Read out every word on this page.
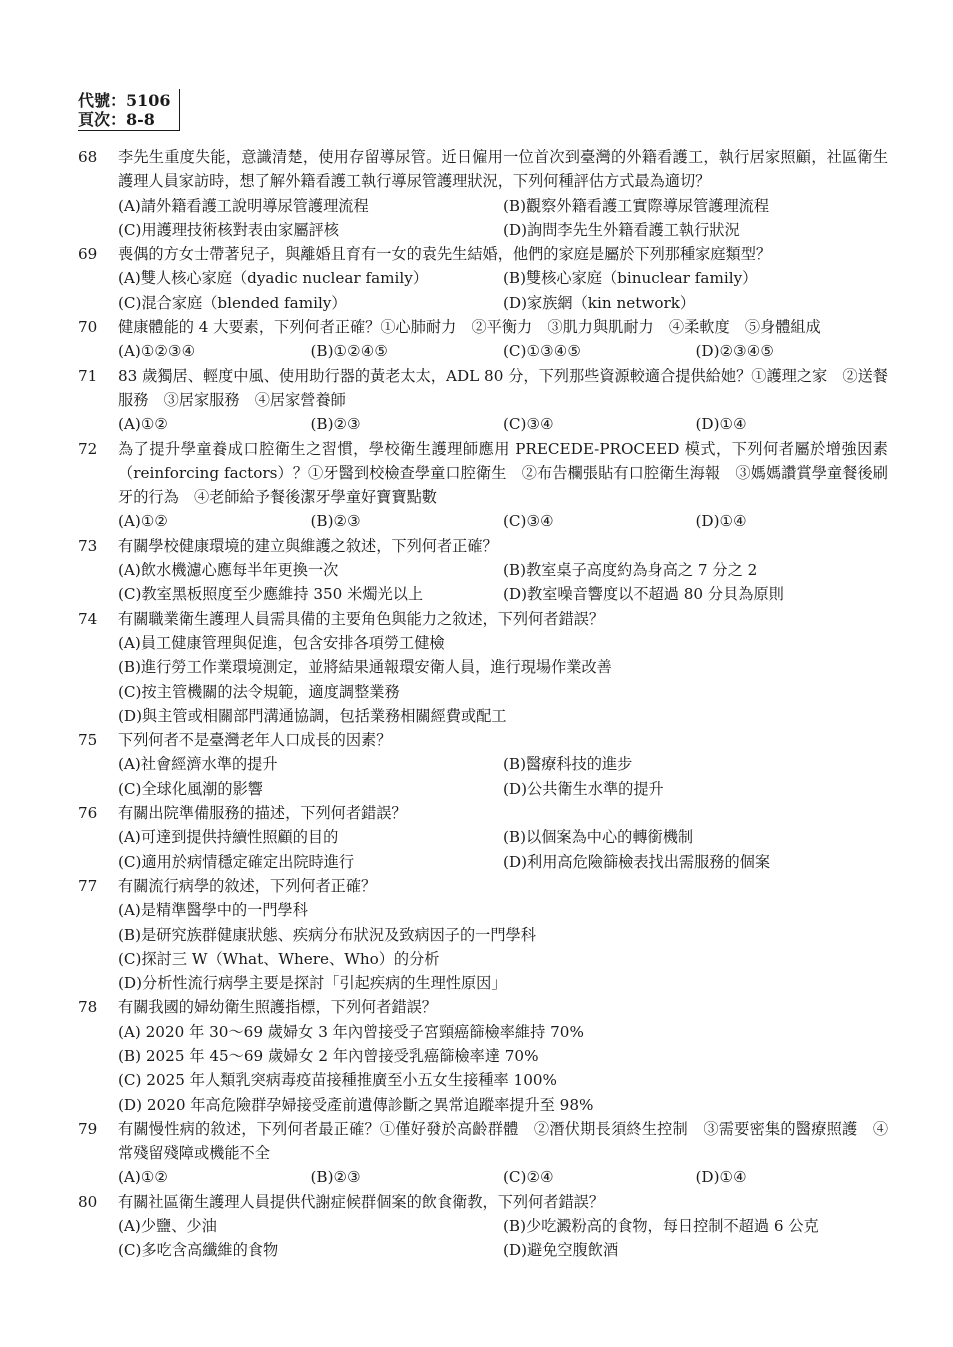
代號：5106
頁次：8-8
68	李先生重度失能，意識清楚，使用存留導尿管。近日僱用一位首次到臺灣的外籍看護工，執行居家照顧，社區衛生護理人員家訪時，想了解外籍看護工執行導尿管護理狀況，下列何種評估方式最為適切？
(A)請外籍看護工說明導尿管護理流程	(B)觀察外籍看護工實際導尿管護理流程
(C)用護理技術核對表由家屬評核	(D)詢問李先生外籍看護工執行狀況
69	喪偶的方女士帶著兒子，與離婚且育有一女的袁先生結婚，他們的家庭是屬於下列那種家庭類型？
(A)雙人核心家庭（dyadic nuclear family）	(B)雙核心家庭（binuclear family）
(C)混合家庭（blended family）	(D)家族網（kin network）
70	健康體能的 4 大要素，下列何者正確？①心肺耐力　②平衡力　③肌力與肌耐力　④柔軟度　⑤身體組成
(A)①②③④	(B)①②④⑤	(C)①③④⑤	(D)②③④⑤
71	83 歲獨居、輕度中風、使用助行器的黃老太太，ADL 80 分，下列那些資源較適合提供給她？①護理之家　②送餐服務　③居家服務　④居家營養師
(A)①②	(B)②③	(C)③④	(D)①④
72	為了提升學童養成口腔衛生之習慣，學校衛生護理師應用 PRECEDE-PROCEED 模式，下列何者屬於增強因素（reinforcing factors）？①牙醫到校檢查學童口腔衛生　②布告欄張貼有口腔衛生海報　③媽媽讚賞學童餐後刷牙的行為　④老師給予餐後潔牙學童好寶寶點數
(A)①②	(B)②③	(C)③④	(D)①④
73	有關學校健康環境的建立與維護之敘述，下列何者正確？
(A)飲水機濾心應每半年更換一次	(B)教室桌子高度約為身高之 7 分之 2
(C)教室黑板照度至少應維持 350 米燭光以上	(D)教室噪音響度以不超過 80 分貝為原則
74	有關職業衛生護理人員需具備的主要角色與能力之敘述，下列何者錯誤？
(A)員工健康管理與促進，包含安排各項勞工健檢
(B)進行勞工作業環境測定，並將結果通報環安衛人員，進行現場作業改善
(C)按主管機關的法令規範，適度調整業務
(D)與主管或相關部門溝通協調，包括業務相關經費或配工
75	下列何者不是臺灣老年人口成長的因素？
(A)社會經濟水準的提升	(B)醫療科技的進步
(C)全球化風潮的影響	(D)公共衛生水準的提升
76	有關出院準備服務的描述，下列何者錯誤？
(A)可達到提供持續性照顧的目的	(B)以個案為中心的轉銜機制
(C)適用於病情穩定確定出院時進行	(D)利用高危險篩檢表找出需服務的個案
77	有關流行病學的敘述，下列何者正確？
(A)是精準醫學中的一門學科
(B)是研究族群健康狀態、疾病分布狀況及致病因子的一門學科
(C)探討三 W（What、Where、Who）的分析
(D)分析性流行病學主要是探討「引起疾病的生理性原因」
78	有關我國的婦幼衛生照護指標，下列何者錯誤？
(A) 2020 年 30～69 歲婦女 3 年內曾接受子宮頸癌篩檢率維持 70%
(B) 2025 年 45～69 歲婦女 2 年內曾接受乳癌篩檢率達 70%
(C) 2025 年人類乳突病毒疫苗接種推廣至小五女生接種率 100%
(D) 2020 年高危險群孕婦接受產前遺傳診斷之異常追蹤率提升至 98%
79	有關慢性病的敘述，下列何者最正確？①僅好發於高齡群體　②潛伏期長須終生控制　③需要密集的醫療照護　④常殘留殘障或機能不全
(A)①②	(B)②③	(C)②④	(D)①④
80	有關社區衛生護理人員提供代謝症候群個案的飲食衛教，下列何者錯誤？
(A)少鹽、少油	(B)少吃澱粉高的食物，每日控制不超過 6 公克
(C)多吃含高纖維的食物	(D)避免空腹飲酒
